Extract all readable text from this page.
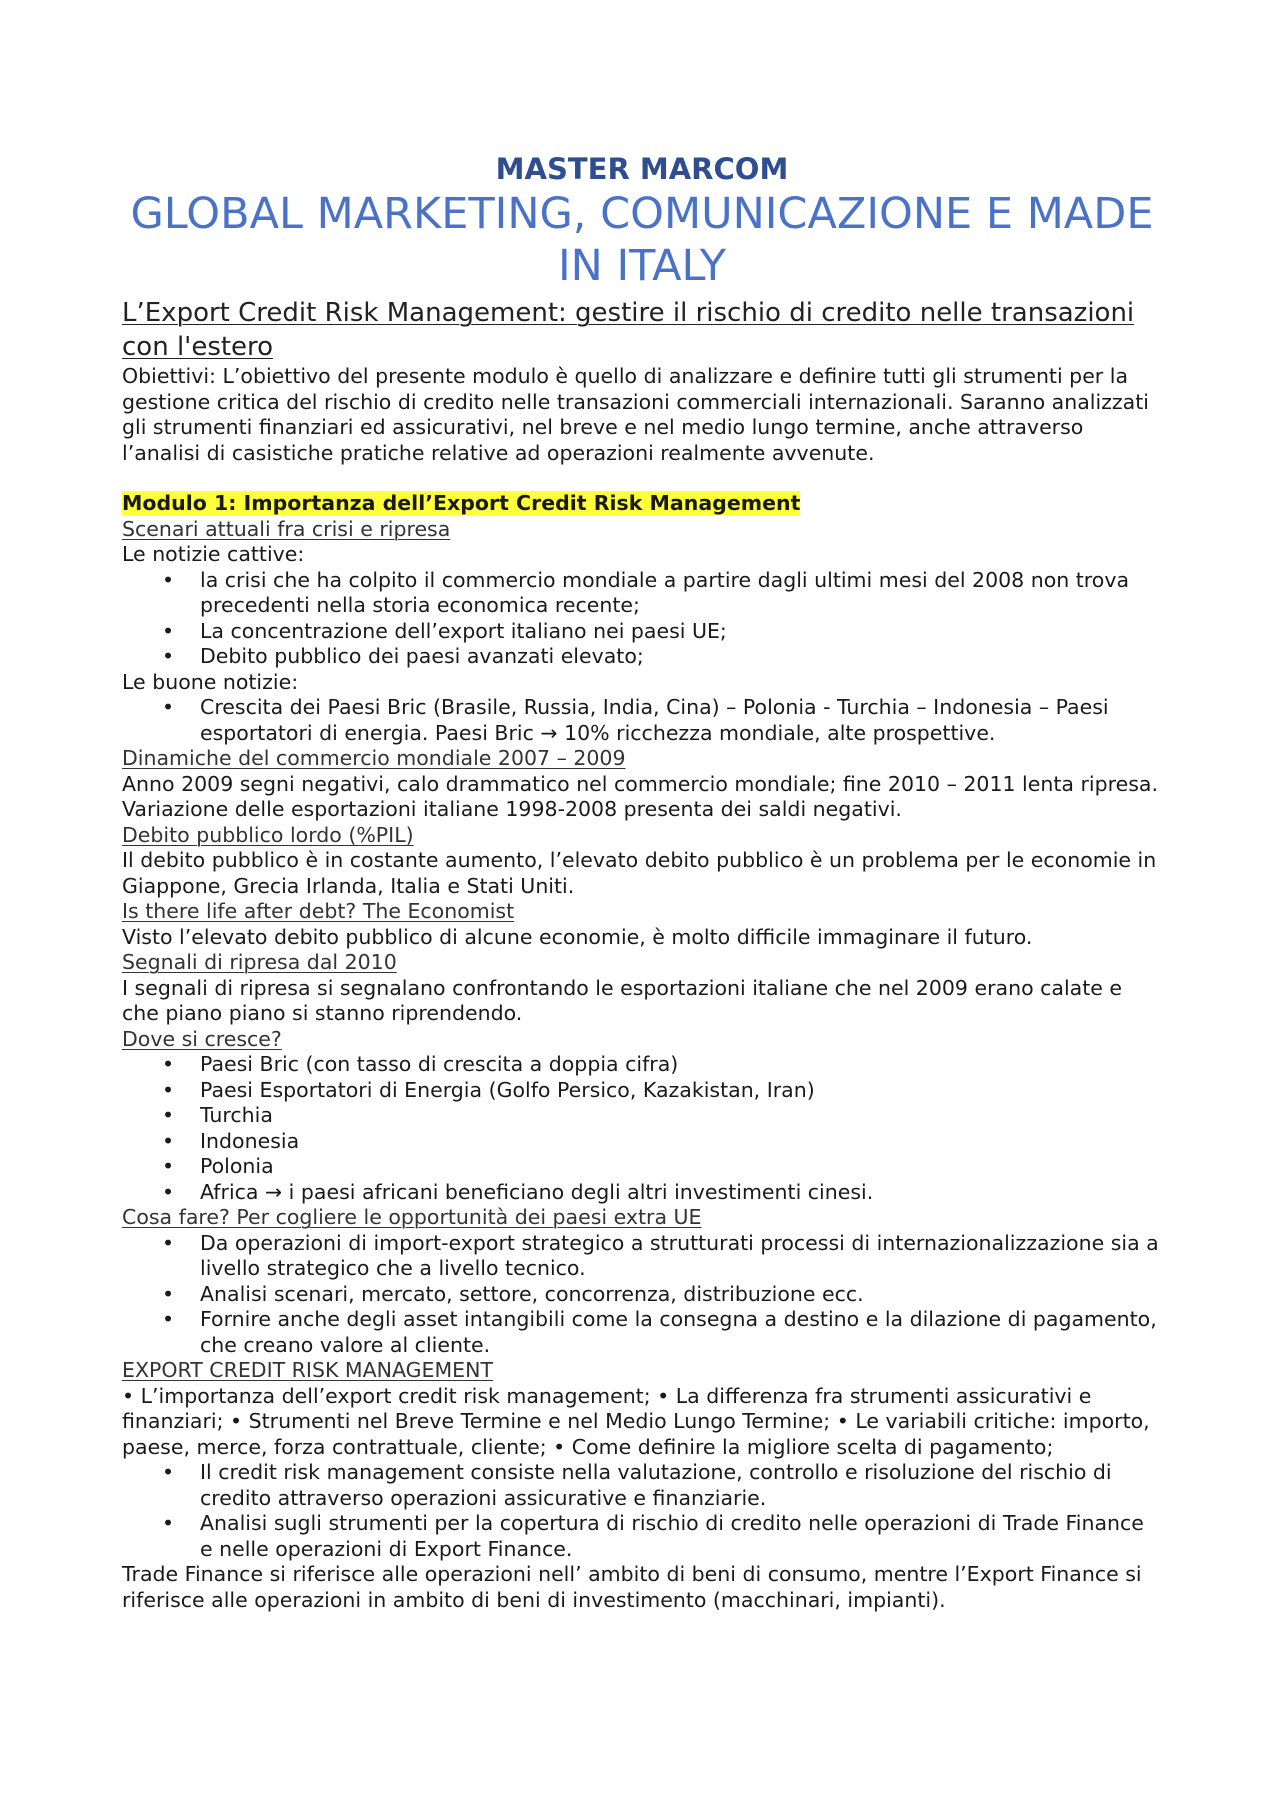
MASTER MARCOM

GLOBAL MARKETING, COMUNICAZIONE E MADE IN ITALY

L’Export Credit Risk Management: gestire il rischio di credito nelle transazioni con l'estero

Obiettivi: L’obiettivo del presente modulo è quello di analizzare e definire tutti gli strumenti per la gestione critica del rischio di credito nelle transazioni commerciali internazionali. Saranno analizzati gli strumenti finanziari ed assicurativi, nel breve e nel medio lungo termine, anche attraverso l’analisi di casistiche pratiche relative ad operazioni realmente avvenute.

Modulo 1: Importanza dell’Export Credit Risk Management

Scenari attuali fra crisi e ripresa

Le notizie cattive:

• la crisi che ha colpito il commercio mondiale a partire dagli ultimi mesi del 2008 non trova precedenti nella storia economica recente;
• La concentrazione dell’export italiano nei paesi UE;
• Debito pubblico dei paesi avanzati elevato;

Le buone notizie:

• Crescita dei Paesi Bric (Brasile, Russia, India, Cina) – Polonia - Turchia – Indonesia – Paesi esportatori di energia. Paesi Bric → 10% ricchezza mondiale, alte prospettive.

Dinamiche del commercio mondiale 2007 – 2009

Anno 2009 segni negativi, calo drammatico nel commercio mondiale; fine 2010 – 2011 lenta ripresa.

Variazione delle esportazioni italiane 1998-2008 presenta dei saldi negativi.

Debito pubblico lordo (%PIL)

Il debito pubblico è in costante aumento, l’elevato debito pubblico è un problema per le economie in Giappone, Grecia Irlanda, Italia e Stati Uniti.

Is there life after debt? The Economist

Visto l’elevato debito pubblico di alcune economie, è molto difficile immaginare il futuro.

Segnali di ripresa dal 2010

I segnali di ripresa si segnalano confrontando le esportazioni italiane che nel 2009 erano calate e che piano piano si stanno riprendendo.

Dove si cresce?

• Paesi Bric (con tasso di crescita a doppia cifra)
• Paesi Esportatori di Energia (Golfo Persico, Kazakistan, Iran)
• Turchia
• Indonesia
• Polonia
• Africa → i paesi africani beneficiano degli altri investimenti cinesi.

Cosa fare? Per cogliere le opportunità dei paesi extra UE

• Da operazioni di import-export strategico a strutturati processi di internazionalizzazione sia a livello strategico che a livello tecnico.
• Analisi scenari, mercato, settore, concorrenza, distribuzione ecc.
• Fornire anche degli asset intangibili come la consegna a destino e la dilazione di pagamento, che creano valore al cliente.

EXPORT CREDIT RISK MANAGEMENT

• L’importanza dell’export credit risk management; • La differenza fra strumenti assicurativi e finanziari; • Strumenti nel Breve Termine e nel Medio Lungo Termine; • Le variabili critiche: importo, paese, merce, forza contrattuale, cliente; • Come definire la migliore scelta di pagamento;

• Il credit risk management consiste nella valutazione, controllo e risoluzione del rischio di credito attraverso operazioni assicurative e finanziarie.
• Analisi sugli strumenti per la copertura di rischio di credito nelle operazioni di Trade Finance e nelle operazioni di Export Finance.

Trade Finance si riferisce alle operazioni nell’ ambito di beni di consumo, mentre l’Export Finance si riferisce alle operazioni in ambito di beni di investimento (macchinari, impianti).
